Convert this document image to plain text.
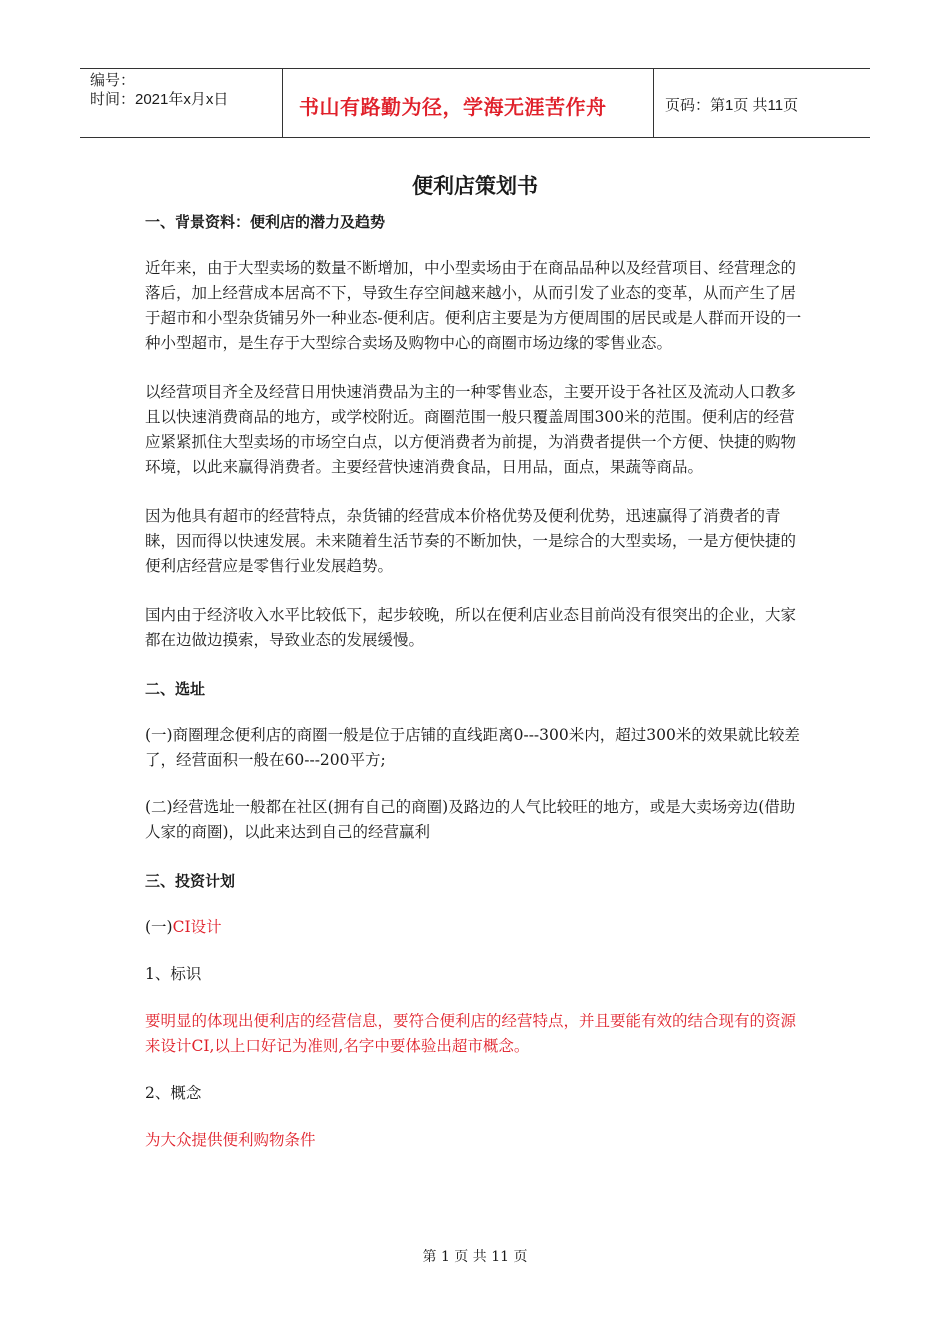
编号：
时间：2021年x月x日	书山有路勤为径，学海无涯苦作舟	页码：第1页 共11页
便利店策划书
一、背景资料：便利店的潜力及趋势

近年来，由于大型卖场的数量不断增加，中小型卖场由于在商品品种以及经营项目、经营理念的落后，加上经营成本居高不下，导致生存空间越来越小，从而引发了业态的变革，从而产生了居于超市和小型杂货铺另外一种业态-便利店。便利店主要是为方便周围的居民或是人群而开设的一种小型超市，是生存于大型综合卖场及购物中心的商圈市场边缘的零售业态。

以经营项目齐全及经营日用快速消费品为主的一种零售业态，主要开设于各社区及流动人口教多且以快速消费商品的地方，或学校附近。商圈范围一般只覆盖周围300米的范围。便利店的经营应紧紧抓住大型卖场的市场空白点，以方便消费者为前提，为消费者提供一个方便、快捷的购物环境，以此来赢得消费者。主要经营快速消费食品，日用品，面点，果蔬等商品。

因为他具有超市的经营特点，杂货铺的经营成本价格优势及便利优势，迅速赢得了消费者的青睐，因而得以快速发展。未来随着生活节奏的不断加快，一是综合的大型卖场，一是方便快捷的便利店经营应是零售行业发展趋势。

国内由于经济收入水平比较低下，起步较晚，所以在便利店业态目前尚没有很突出的企业，大家都在边做边摸索，导致业态的发展缓慢。

二、选址

(一)商圈理念便利店的商圈一般是位于店铺的直线距离0---300米内，超过300米的效果就比较差了，经营面积一般在60---200平方;

(二)经营选址一般都在社区(拥有自己的商圈)及路边的人气比较旺的地方，或是大卖场旁边(借助人家的商圈)，以此来达到自己的经营赢利

三、投资计划

(一)CI设计

1、标识

要明显的体现出便利店的经营信息，要符合便利店的经营特点，并且要能有效的结合现有的资源来设计CI,以上口好记为准则,名字中要体验出超市概念。

2、概念

为大众提供便利购物条件

第 1 页 共 11 页
